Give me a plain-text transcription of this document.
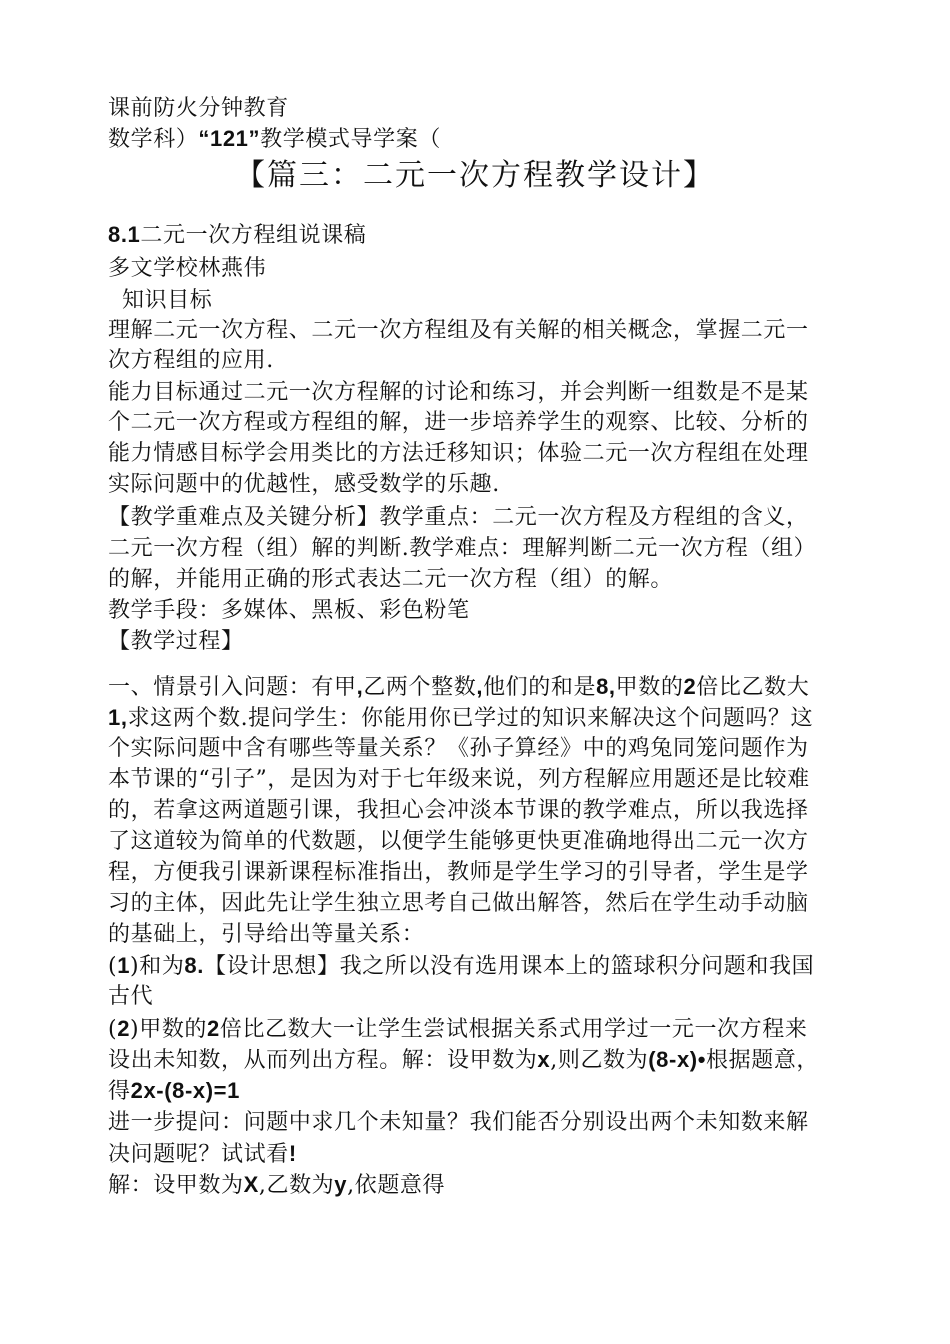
课前防火分钟教育
数学科）“121”教学模式导学案（
【篇三：二元一次方程教学设计】
8.1二元一次方程组说课稿
多文学校林燕伟
知识目标
理解二元一次方程、二元一次方程组及有关解的相关概念，掌握二元一
次方程组的应用.
能力目标通过二元一次方程解的讨论和练习，并会判断一组数是不是某
个二元一次方程或方程组的解，进一步培养学生的观察、比较、分析的
能力情感目标学会用类比的方法迁移知识；体验二元一次方程组在处理
实际问题中的优越性，感受数学的乐趣.
【教学重难点及关键分析】教学重点：二元一次方程及方程组的含义，
二元一次方程（组）解的判断.教学难点：理解判断二元一次方程（组）
的解，并能用正确的形式表达二元一次方程（组）的解。
教学手段：多媒体、黑板、彩色粉笔
【教学过程】
一、情景引入问题：有甲,乙两个整数,他们的和是8,甲数的2倍比乙数大
1,求这两个数.提问学生：你能用你已学过的知识来解决这个问题吗？这
个实际问题中含有哪些等量关系？《孙子算经》中的鸡兔同笼问题作为
本节课的“引子”，是因为对于七年级来说，列方程解应用题还是比较难
的，若拿这两道题引课，我担心会冲淡本节课的教学难点，所以我选择
了这道较为简单的代数题，以便学生能够更快更准确地得出二元一次方
程，方便我引课新课程标准指出，教师是学生学习的引导者，学生是学
习的主体，因此先让学生独立思考自己做出解答，然后在学生动手动脑
的基础上，引导给出等量关系：
(1)和为8.【设计思想】我之所以没有选用课本上的篮球积分问题和我国
古代
(2)甲数的2倍比乙数大一让学生尝试根据关系式用学过一元一次方程来
设出未知数，从而列出方程。解：设甲数为x,则乙数为(8-x)•根据题意，
得2x-(8-x)=1
进一步提问：问题中求几个未知量？我们能否分别设出两个未知数来解
决问题呢？试试看!
解：设甲数为X,乙数为y,依题意得
